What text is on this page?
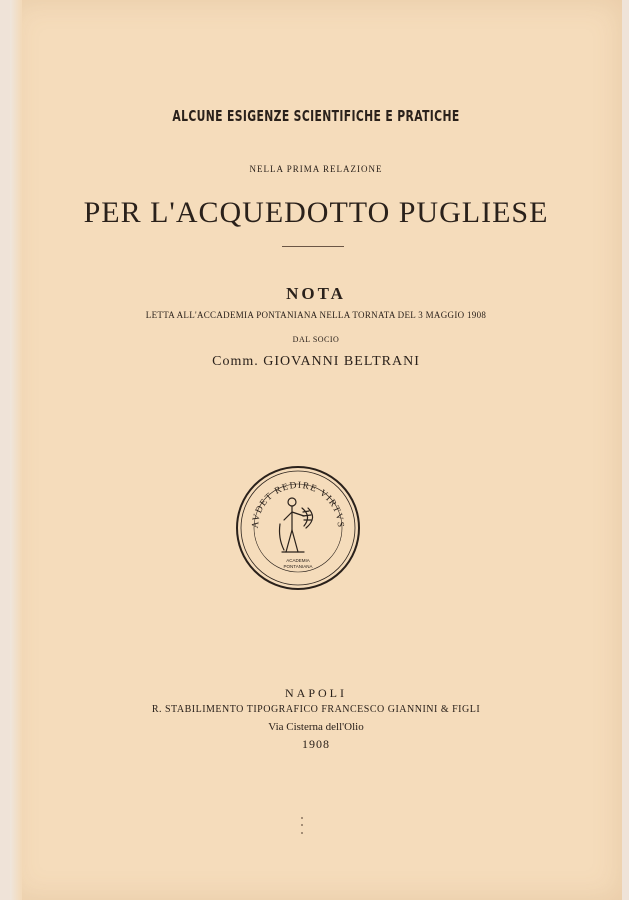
ALCUNE ESIGENZE SCIENTIFICHE E PRATICHE
NELLA PRIMA RELAZIONE
PER L'ACQUEDOTTO PUGLIESE
NOTA
LETTA ALL'ACCADEMIA PONTANIANA NELLA TORNATA DEL 3 MAGGIO 1908
DAL SOCIO
Comm. GIOVANNI BELTRANI
AVDET REDIRE VIRTVS
ACADEMIA
PONTANIANA
NAPOLI
R. STABILIMENTO TIPOGRAFICO FRANCESCO GIANNINI & FIGLI
Via Cisterna dell'Olio
1908
